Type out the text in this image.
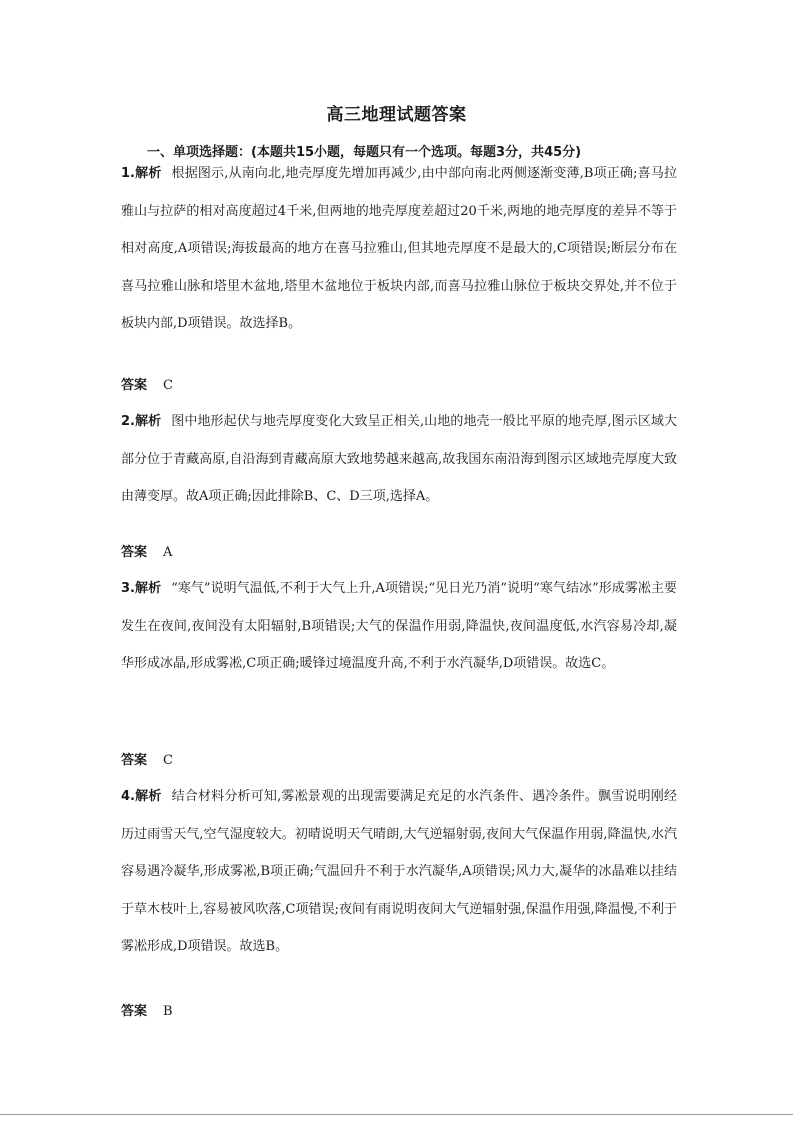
高三地理试题答案
一、单项选择题：(本题共15小题，每题只有一个选项。每题3分，共45分)
1.解析 根据图示,从南向北,地壳厚度先增加再减少,由中部向南北两侧逐渐变薄,B项正确;喜马拉雅山与拉萨的相对高度超过4千米,但两地的地壳厚度差超过20千米,两地的地壳厚度的差异不等于相对高度,A项错误;海拔最高的地方在喜马拉雅山,但其地壳厚度不是最大的,C项错误;断层分布在喜马拉雅山脉和塔里木盆地,塔里木盆地位于板块内部,而喜马拉雅山脉位于板块交界处,并不位于板块内部,D项错误。故选择B。
答案 C
2.解析 图中地形起伏与地壳厚度变化大致呈正相关,山地的地壳一般比平原的地壳厚,图示区域大部分位于青藏高原,自沿海到青藏高原大致地势越来越高,故我国东南沿海到图示区域地壳厚度大致由薄变厚。故A项正确;因此排除B、C、D三项,选择A。
答案 A
3.解析 “寒气”说明气温低,不利于大气上升,A项错误;“见日光乃消”说明“寒气结冰”形成雾凇主要发生在夜间,夜间没有太阳辐射,B项错误;大气的保温作用弱,降温快,夜间温度低,水汽容易冷却,凝华形成冰晶,形成雾凇,C项正确;暖锋过境温度升高,不利于水汽凝华,D项错误。故选C。
答案 C
4.解析 结合材料分析可知,雾凇景观的出现需要满足充足的水汽条件、遇冷条件。飘雪说明刚经历过雨雪天气,空气湿度较大。初晴说明天气晴朗,大气逆辐射弱,夜间大气保温作用弱,降温快,水汽容易遇冷凝华,形成雾凇,B项正确;气温回升不利于水汽凝华,A项错误;风力大,凝华的冰晶难以挂结于草木枝叶上,容易被风吹落,C项错误;夜间有雨说明夜间大气逆辐射强,保温作用强,降温慢,不利于雾凇形成,D项错误。故选B。
答案 B
